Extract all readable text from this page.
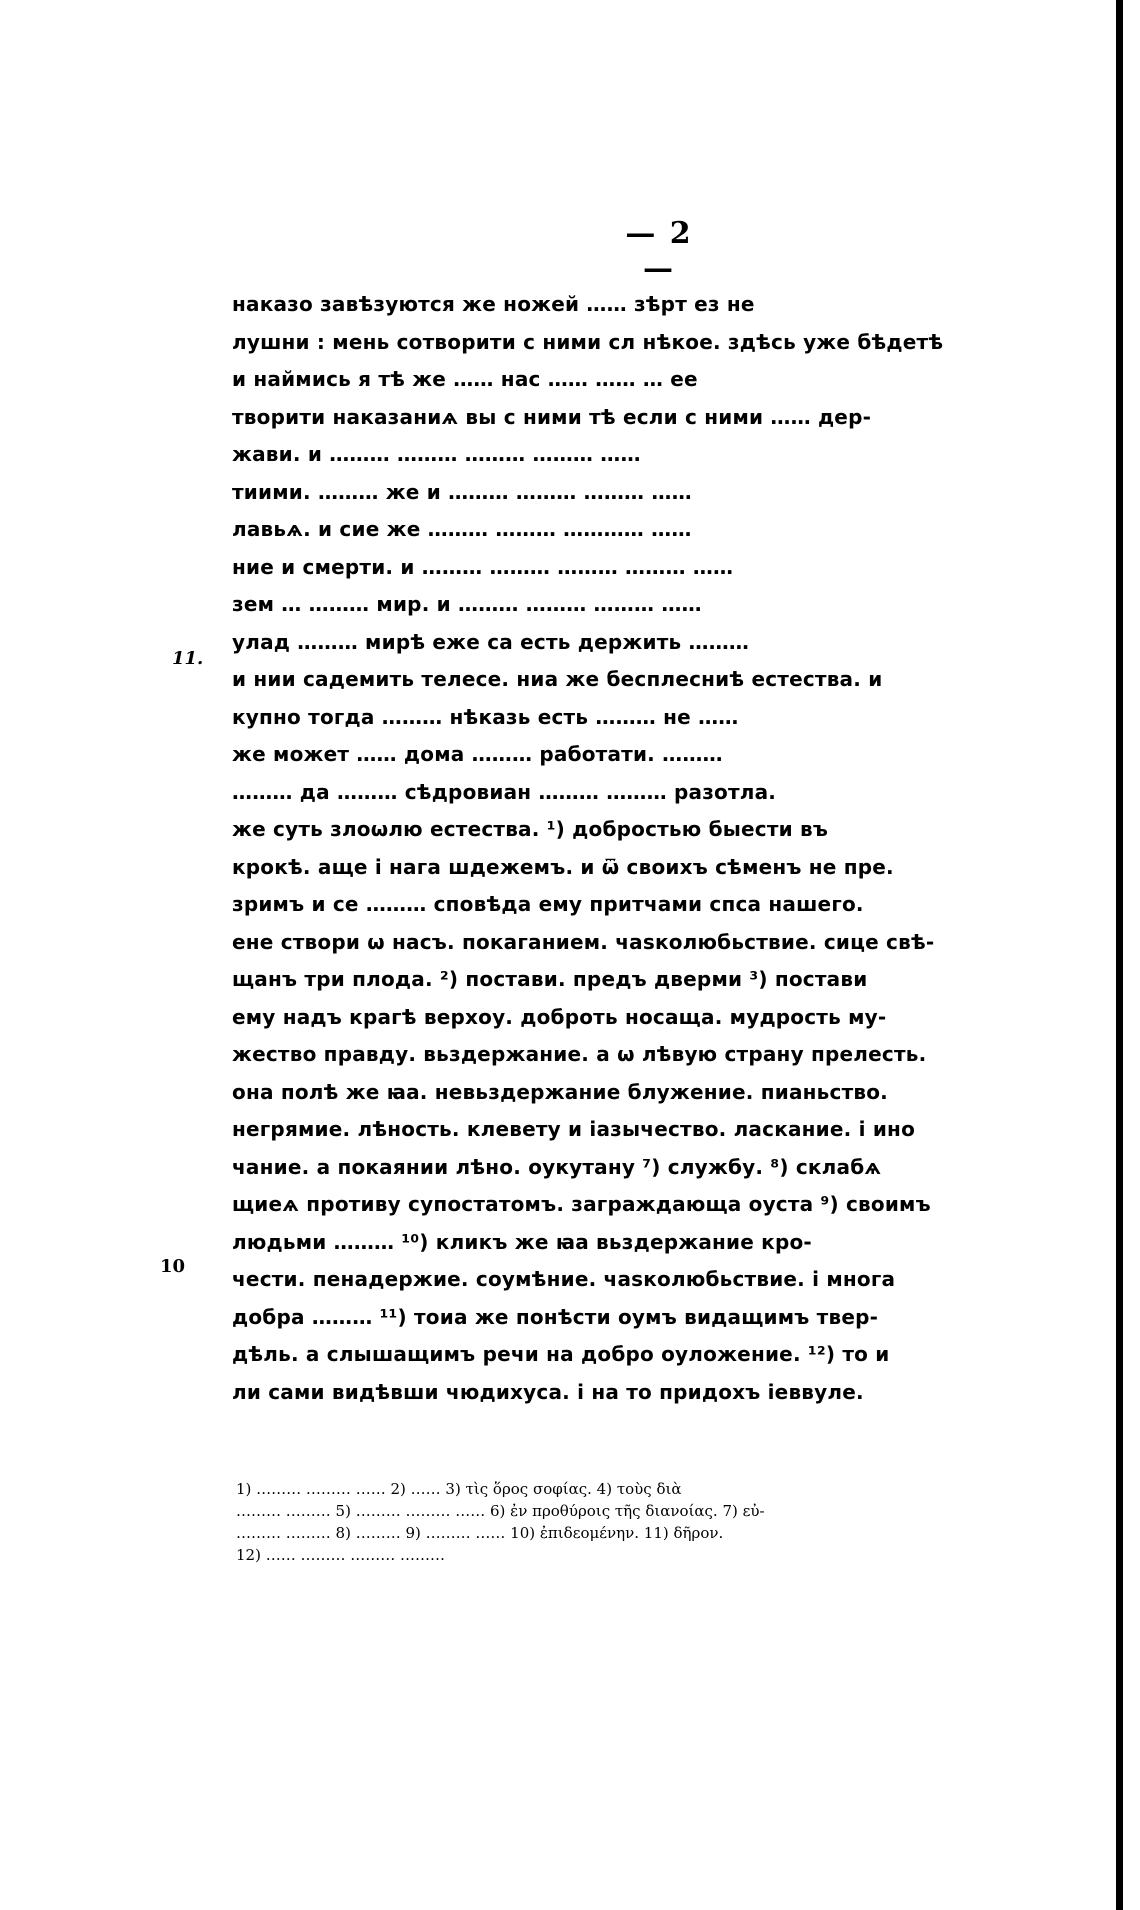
— 2 —
11.
10
наказо завѣзуются же ножей …… зѣрт ез не
лушни : мень сотворити с ними сл нѣкое. здѣсь уже бѣдетѣ
и наймись я тѣ же …… нас …… …… … ее
творити наказаниѧ вы с ними тѣ если с ними …… дер-
жави. и ……… ……… ……… ……… ……
тиими. ……… же и ……… ……… ……… ……
лавьѧ. и сие же ……… ……… ………… ……
ние и смерти. и ……… ……… ……… ……… ……
зем … ……… мир. и ……… ……… ……… ……
улад ……… мирѣ еже са есть держить ………
и нии садемить телесе. ниа же бесплесниѣ естества. и
купно тогда ……… нѣказь есть ……… не ……
же может …… дома ……… работати. ………
……… да ……… сѣдровиан ……… ……… разотла.
же суть злоѡлю естества. ¹) добростью быести въ
крокѣ. аще і нага шдежемъ. и ѿ своихъ сѣменъ не пре.
зримъ и се ……… сповѣда ему притчами спса нашего.
ене створи ѡ насъ. покаганием. чаѕколюбьствие. сице свѣ-
щанъ три плода. ²) постави. предъ дверми ³) постави
ему надъ крагѣ верхоу. доброть носаща. мудрость му-
жество правду. вьздержание. а ѡ лѣвую страну прелесть.
она полѣ же ꙗа. невьздержание блужение. пианьство.
негрямие. лѣность. клевету и іазычество. ласкание. і ино
чание. а покаянии лѣно. оукутану ⁷) службу. ⁸) склабѧ
щиеѧ противу супостатомъ. заграждающа оуста ⁹) своимъ
людьми ……… ¹⁰) кликъ же ꙗа вьздержание кро-
чести. пенадержие. соумѣние. чаѕколюбьствие. і многа
добра ……… ¹¹) тоиа же понѣсти оумъ видащимъ твер-
дѣль. а слышащимъ речи на добро оуложение. ¹²) то и
ли сами видѣвши чюдихуса. і на то придохъ іеввуле.
1) ……… ……… …… 2) …… 3) τὶς ὅρος σοφίας. 4) τοὺς διὰ
……… ……… 5) ……… ……… …… 6) ἐν προθύροις τῆς διανοίας. 7) εὐ-
……… ……… 8) ……… 9) ……… …… 10) ἐπιδεομένην. 11) δῆρον.
12) …… ……… ……… ………
